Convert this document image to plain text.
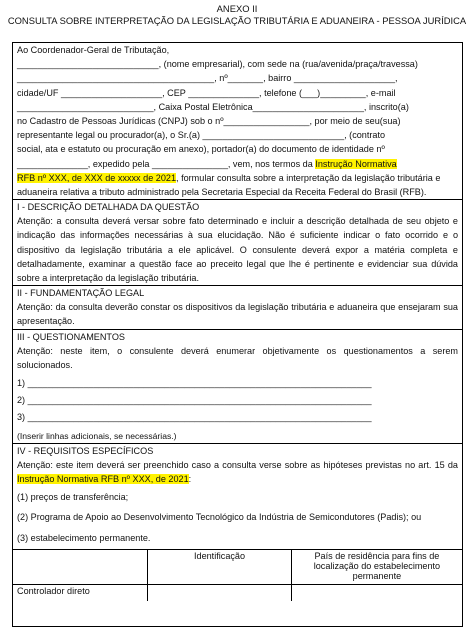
ANEXO II
CONSULTA SOBRE INTERPRETAÇÃO DA LEGISLAÇÃO TRIBUTÁRIA E ADUANEIRA - PESSOA JURÍDICA
Ao Coordenador-Geral de Tributação,
____________________________, (nome empresarial), com sede na (rua/avenida/praça/travessa)
_______________________________________, nº_______, bairro ____________________,
cidade/UF ____________________, CEP ______________, telefone (___)_________, e-mail
___________________________, Caixa Postal Eletrônica______________________, inscrito(a)
no Cadastro de Pessoas Jurídicas (CNPJ) sob o nº_________________, por meio de seu(sua)
representante legal ou procurador(a), o Sr.(a) ____________________________, (contrato
social, ata e estatuto ou procuração em anexo), portador(a) do documento de identidade nº
______________, expedido pela _______________, vem, nos termos da Instrução Normativa
RFB nº XXX, de XXX de xxxxx de 2021, formular consulta sobre a interpretação da legislação tributária e
aduaneira relativa a tributo administrado pela Secretaria Especial da Receita Federal do Brasil (RFB).
I - DESCRIÇÃO DETALHADA DA QUESTÃO
Atenção: a consulta deverá versar sobre fato determinado e incluir a descrição detalhada de seu objeto e indicação das informações necessárias à sua elucidação. Não é suficiente indicar o fato ocorrido e o dispositivo da legislação tributária a ele aplicável. O consulente deverá expor a matéria completa e detalhadamente, examinar a questão face ao preceito legal que lhe é pertinente e evidenciar sua dúvida sobre a interpretação da legislação tributária.
II - FUNDAMENTAÇÃO LEGAL
Atenção: da consulta deverão constar os dispositivos da legislação tributária e aduaneira que ensejaram sua apresentação.
III - QUESTIONAMENTOS
Atenção: neste item, o consulente deverá enumerar objetivamente os questionamentos a serem solucionados.
1) ____________________________________________________________________
2) ____________________________________________________________________
3) ____________________________________________________________________
(Inserir linhas adicionais, se necessárias.)
IV - REQUISITOS ESPECÍFICOS
Atenção: este item deverá ser preenchido caso a consulta verse sobre as hipóteses previstas no art. 15 da Instrução Normativa RFB nº XXX, de 2021:
(1) preços de transferência;
(2) Programa de Apoio ao Desenvolvimento Tecnológico da Indústria de Semicondutores (Padis); ou
(3) estabelecimento permanente.
	Identificação	País de residência para fins de localização do estabelecimento permanente
Controlador direto		
